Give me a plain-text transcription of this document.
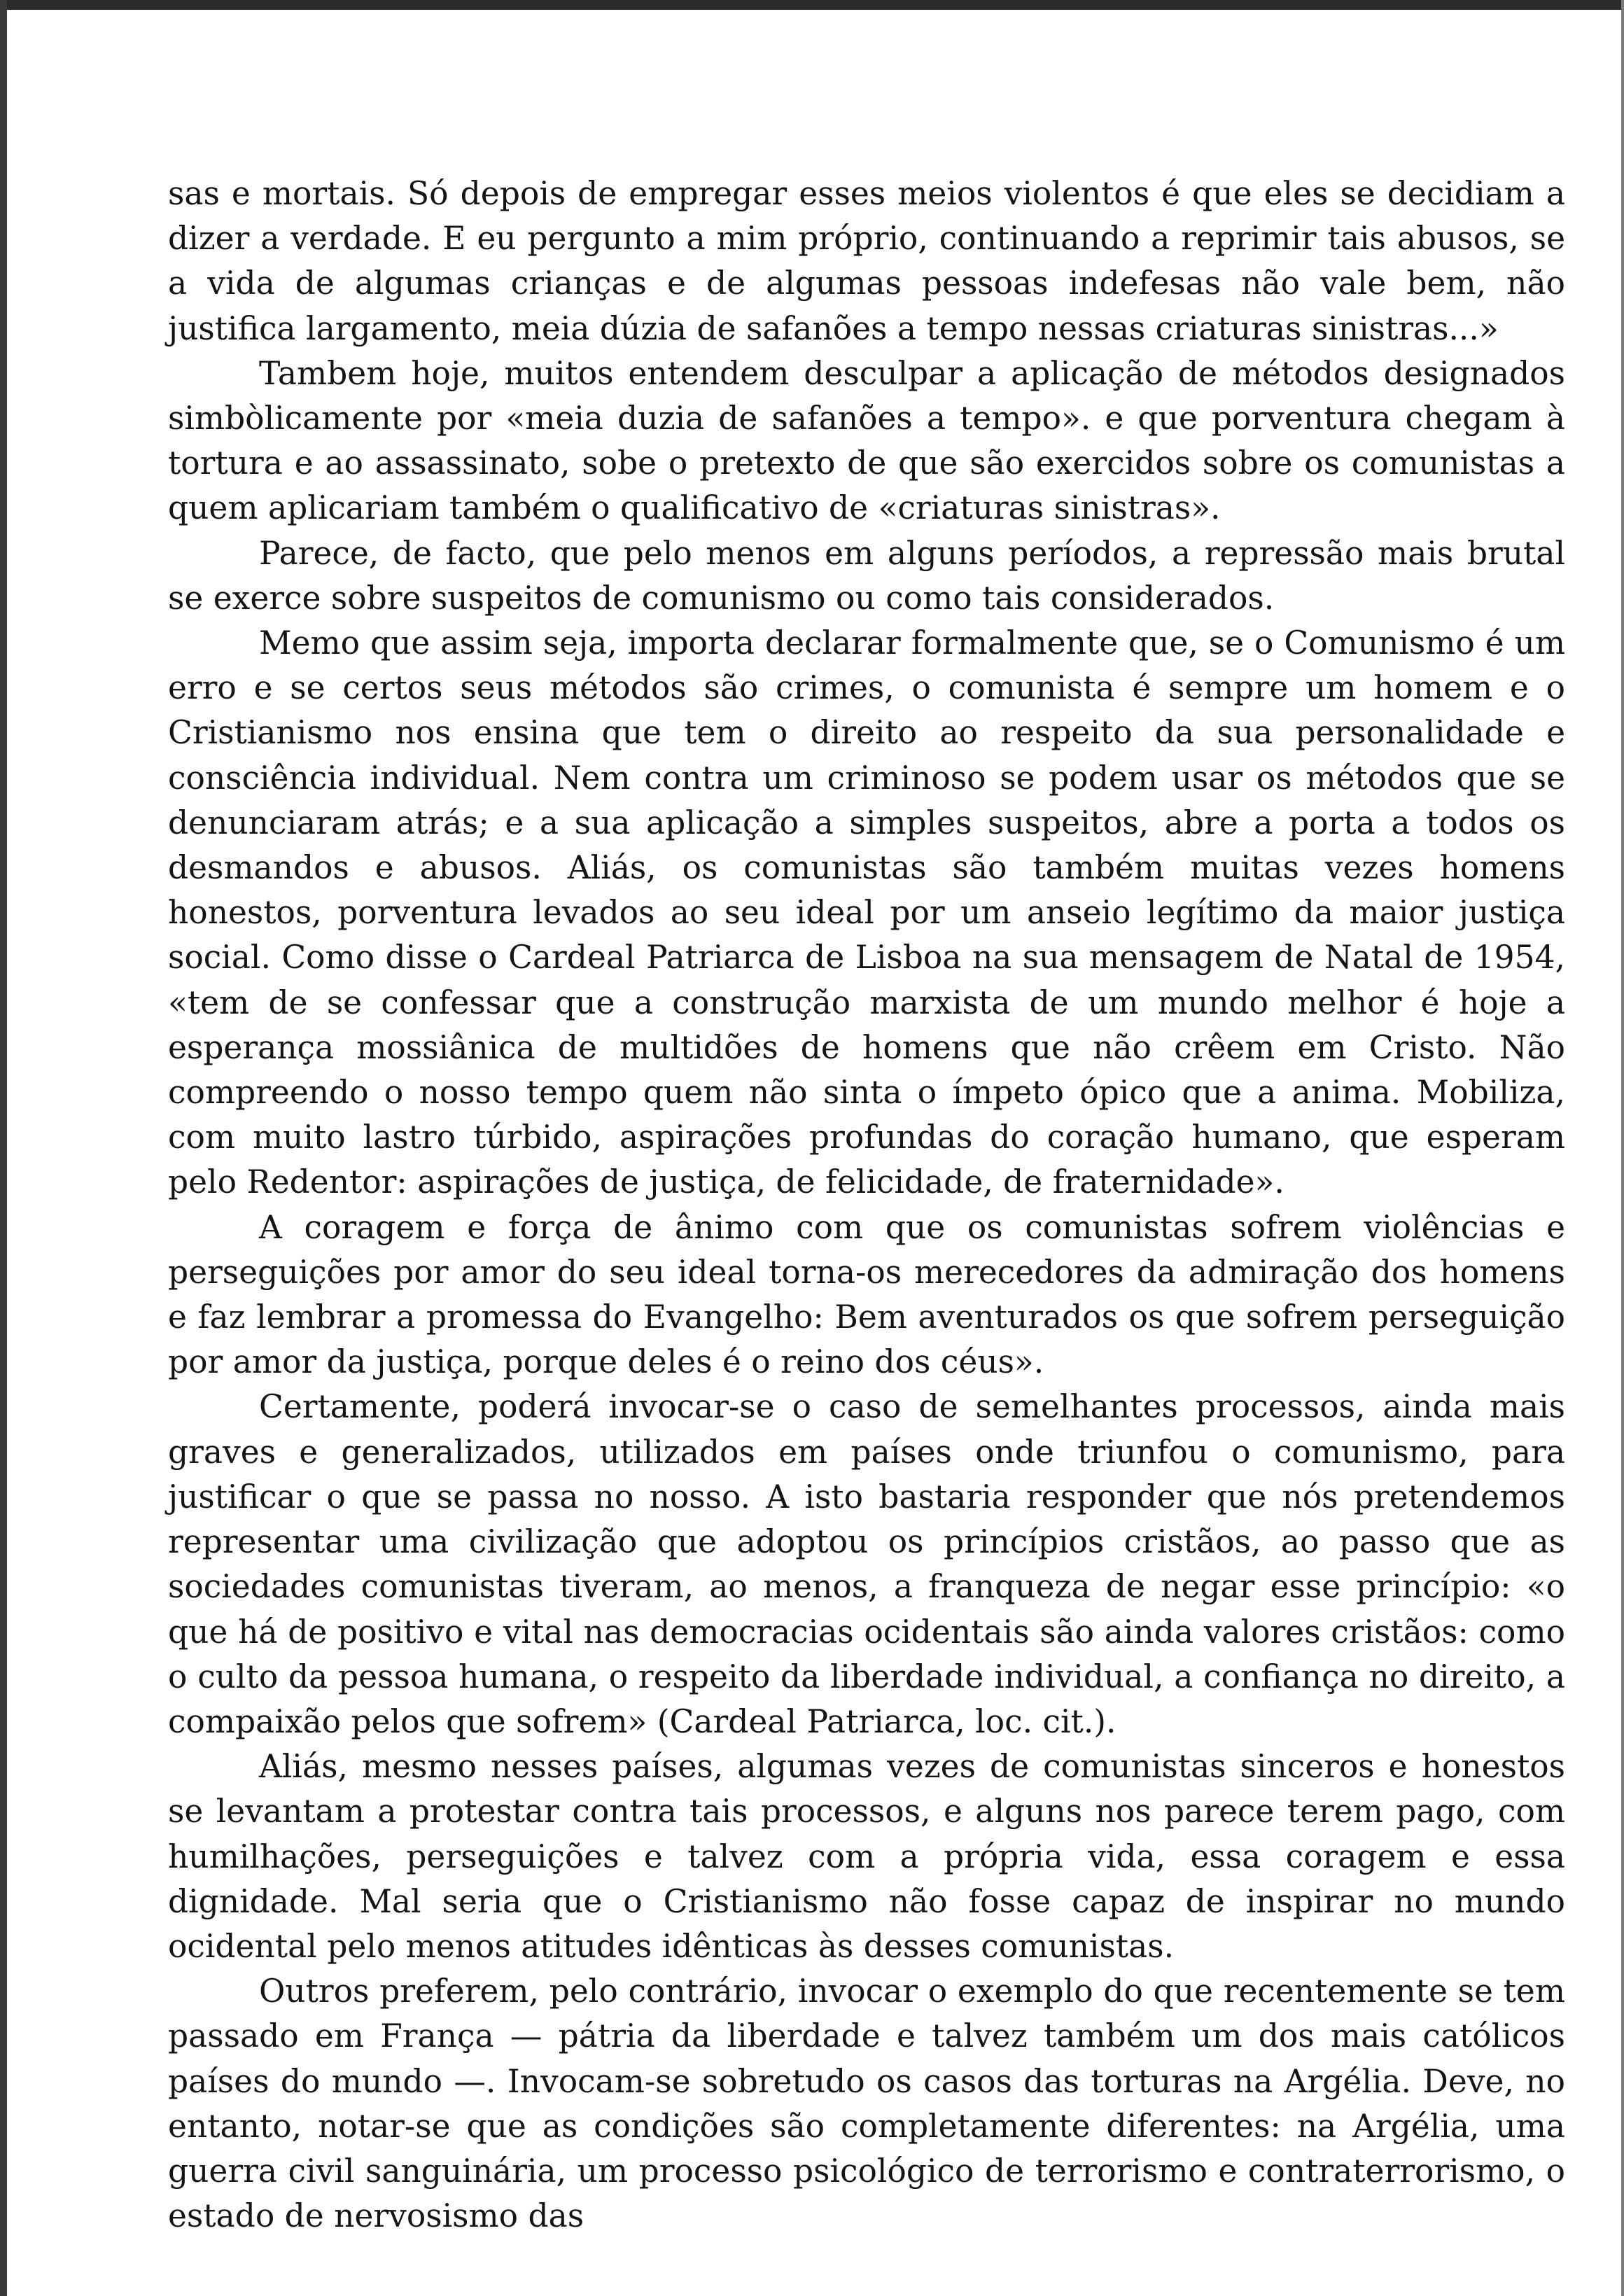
sas e mortais. Só depois de empregar esses meios violentos é que eles se decidiam a dizer a verdade. E eu pergunto a mim próprio, continuando a reprimir tais abusos, se a vida de algumas crianças e de algumas pessoas indefesas não vale bem, não justifica largamento, meia dúzia de safanões a tempo nessas criaturas sinistras...»

Tambem hoje, muitos entendem desculpar a aplicação de métodos designados simbòlicamente por «meia duzia de safanões a tempo». e que porventura chegam à tortura e ao assassinato, sobe o pretexto de que são exercidos sobre os comunistas a quem aplicariam também o qualificativo de «criaturas sinistras».

Parece, de facto, que pelo menos em alguns períodos, a repressão mais brutal se exerce sobre suspeitos de comunismo ou como tais considerados.

Memo que assim seja, importa declarar formalmente que, se o Comunismo é um erro e se certos seus métodos são crimes, o comunista é sempre um homem e o Cristianismo nos ensina que tem o direito ao respeito da sua personalidade e consciência individual. Nem contra um criminoso se podem usar os métodos que se denunciaram atrás; e a sua aplicação a simples suspeitos, abre a porta a todos os desmandos e abusos. Aliás, os comunistas são também muitas vezes homens honestos, porventura levados ao seu ideal por um anseio legítimo da maior justiça social. Como disse o Cardeal Patriarca de Lisboa na sua mensagem de Natal de 1954, «tem de se confessar que a construção marxista de um mundo melhor é hoje a esperança mossiânica de multidões de homens que não crêem em Cristo. Não compreendo o nosso tempo quem não sinta o ímpeto ópico que a anima. Mobiliza, com muito lastro túrbido, aspirações profundas do coração humano, que esperam pelo Redentor: aspirações de justiça, de felicidade, de fraternidade».

A coragem e força de ânimo com que os comunistas sofrem violências e perseguições por amor do seu ideal torna-os merecedores da admiração dos homens e faz lembrar a promessa do Evangelho: Bem aventurados os que sofrem perseguição por amor da justiça, porque deles é o reino dos céus».

Certamente, poderá invocar-se o caso de semelhantes processos, ainda mais graves e generalizados, utilizados em países onde triunfou o comunismo, para justificar o que se passa no nosso. A isto bastaria responder que nós pretendemos representar uma civilização que adoptou os princípios cristãos, ao passo que as sociedades comunistas tiveram, ao menos, a franqueza de negar esse princípio: «o que há de positivo e vital nas democracias ocidentais são ainda valores cristãos: como o culto da pessoa humana, o respeito da liberdade individual, a confiança no direito, a compaixão pelos que sofrem» (Cardeal Patriarca, loc. cit.).

Aliás, mesmo nesses países, algumas vezes de comunistas sinceros e honestos se levantam a protestar contra tais processos, e alguns nos parece terem pago, com humilhações, perseguições e talvez com a própria vida, essa coragem e essa dignidade. Mal seria que o Cristianismo não fosse capaz de inspirar no mundo ocidental pelo menos atitudes idênticas às desses comunistas.

Outros preferem, pelo contrário, invocar o exemplo do que recentemente se tem passado em França — pátria da liberdade e talvez também um dos mais católicos países do mundo —. Invocam-se sobretudo os casos das torturas na Argélia. Deve, no entanto, notar-se que as condições são completamente diferentes: na Argélia, uma guerra civil sanguinária, um processo psicológico de terrorismo e contraterrorismo, o estado de nervosismo das
